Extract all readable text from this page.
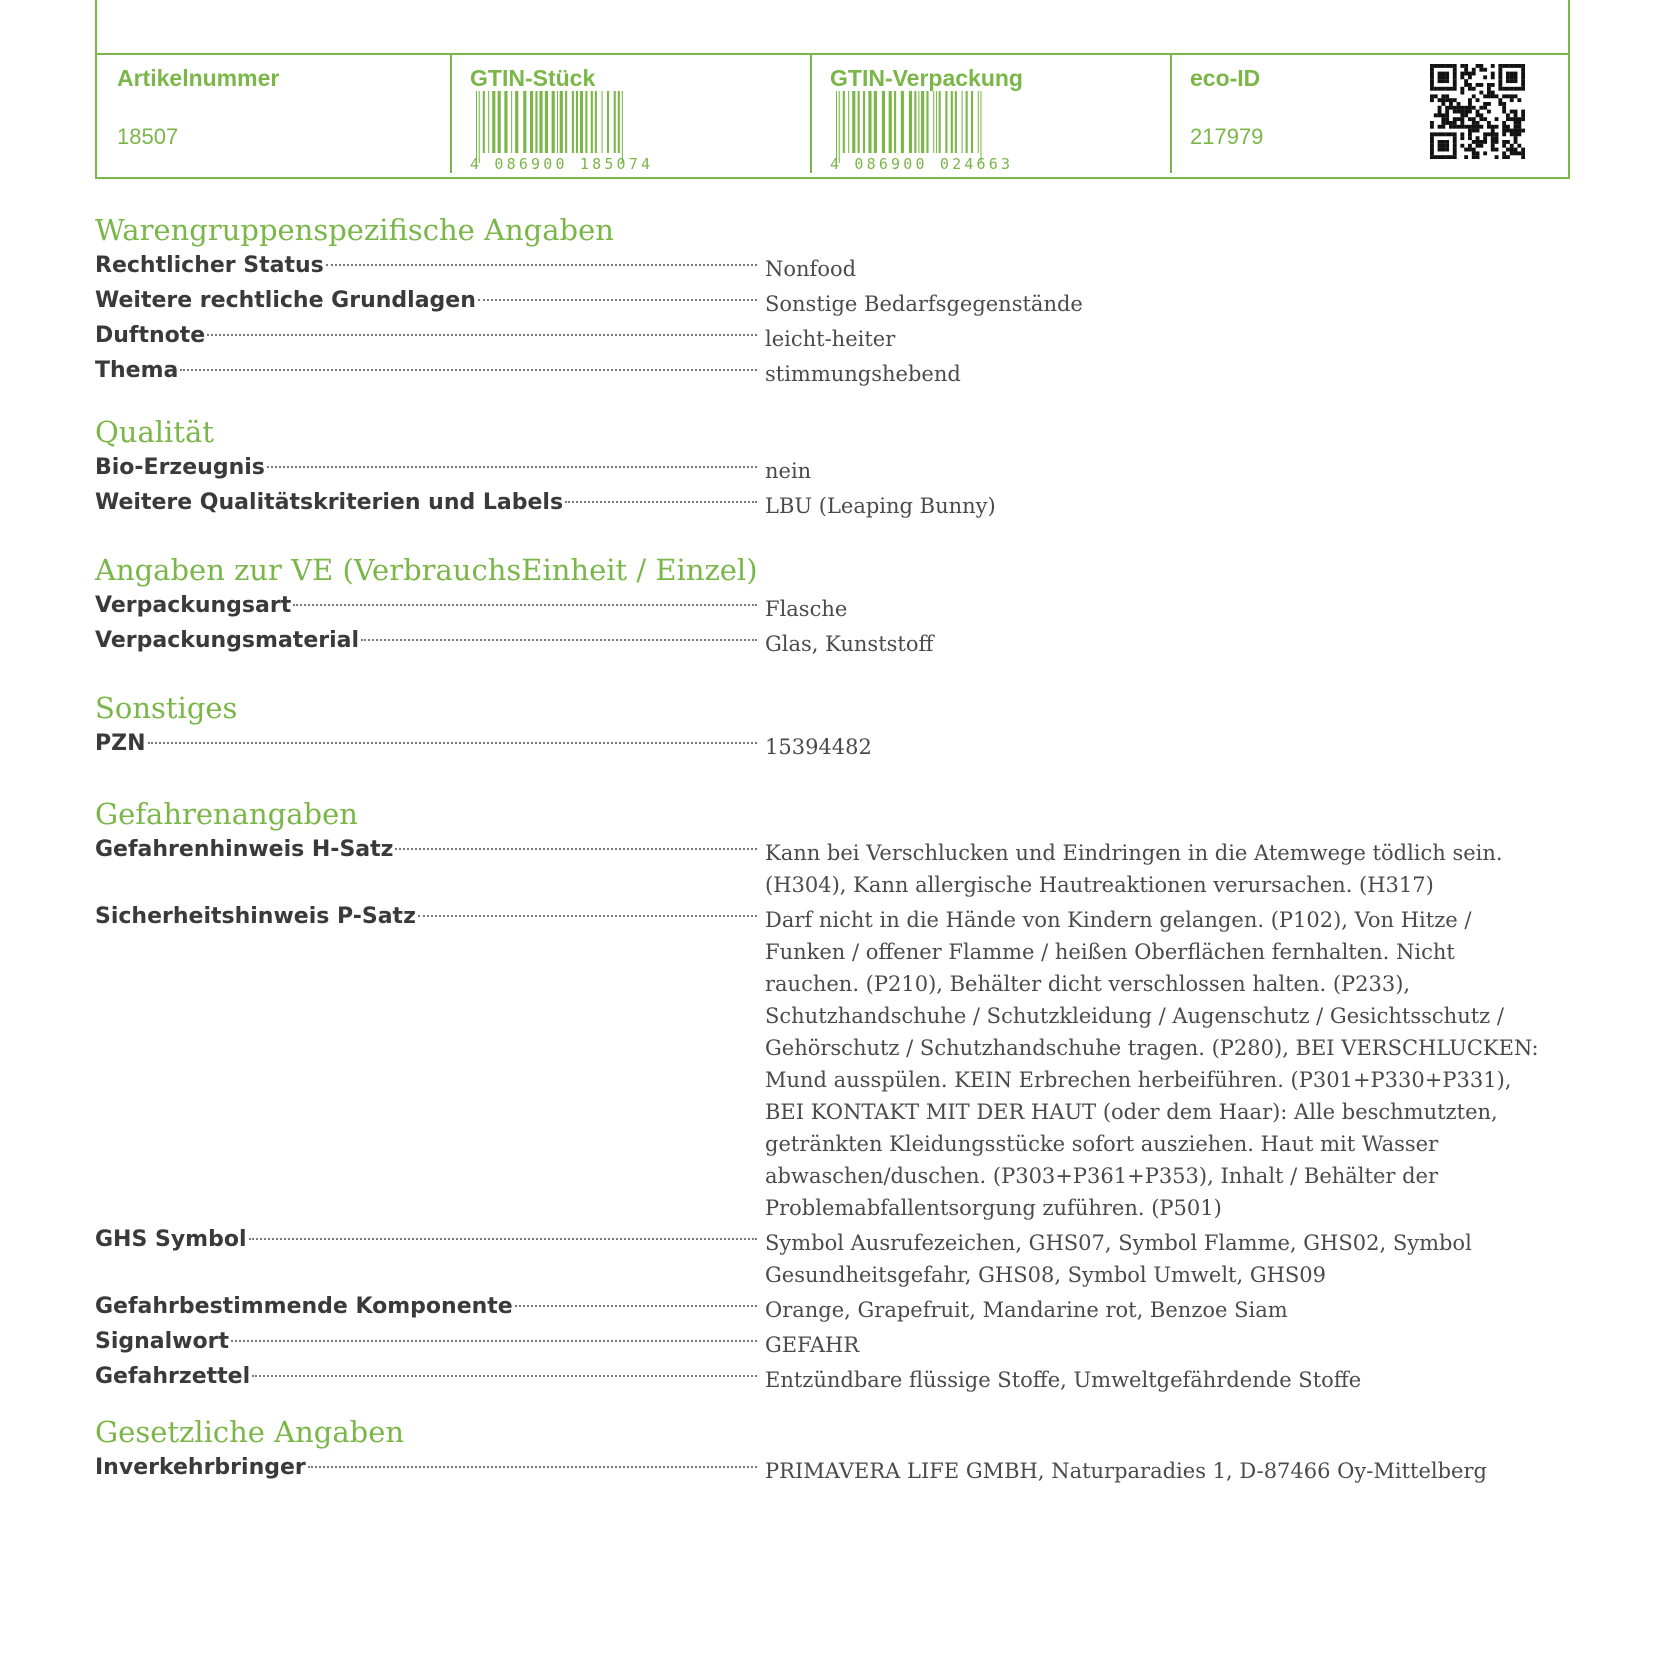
Artikelnummer
18507
GTIN-Stück
4 086900 185074
GTIN-Verpackung
4 086900 024663
eco-ID
217979
Warengruppenspezifische Angaben
Rechtlicher Status	Nonfood
Weitere rechtliche Grundlagen	Sonstige Bedarfsgegenstände
Duftnote	leicht-heiter
Thema	stimmungshebend
Qualität
Bio-Erzeugnis	nein
Weitere Qualitätskriterien und Labels	LBU (Leaping Bunny)
Angaben zur VE (VerbrauchsEinheit / Einzel)
Verpackungsart	Flasche
Verpackungsmaterial	Glas, Kunststoff
Sonstiges
PZN	15394482
Gefahrenangaben
Gefahrenhinweis H-Satz	Kann bei Verschlucken und Eindringen in die Atemwege tödlich sein. (H304), Kann allergische Hautreaktionen verursachen. (H317)
Sicherheitshinweis P-Satz	Darf nicht in die Hände von Kindern gelangen. (P102), Von Hitze / Funken / offener Flamme / heißen Oberflächen fernhalten. Nicht rauchen. (P210), Behälter dicht verschlossen halten. (P233), Schutzhandschuhe / Schutzkleidung / Augenschutz / Gesichtsschutz / Gehörschutz / Schutzhandschuhe tragen. (P280), BEI VERSCHLUCKEN: Mund ausspülen. KEIN Erbrechen herbeiführen. (P301+P330+P331), BEI KONTAKT MIT DER HAUT (oder dem Haar): Alle beschmutzten, getränkten Kleidungsstücke sofort ausziehen. Haut mit Wasser abwaschen/duschen. (P303+P361+P353), Inhalt / Behälter der Problemabfallentsorgung zuführen. (P501)
GHS Symbol	Symbol Ausrufezeichen, GHS07, Symbol Flamme, GHS02, Symbol Gesundheitsgefahr, GHS08, Symbol Umwelt, GHS09
Gefahrbestimmende Komponente	Orange, Grapefruit, Mandarine rot, Benzoe Siam
Signalwort	GEFAHR
Gefahrzettel	Entzündbare flüssige Stoffe, Umweltgefährdende Stoffe
Gesetzliche Angaben
Inverkehrbringer	PRIMAVERA LIFE GMBH, Naturparadies 1, D-87466 Oy-Mittelberg
